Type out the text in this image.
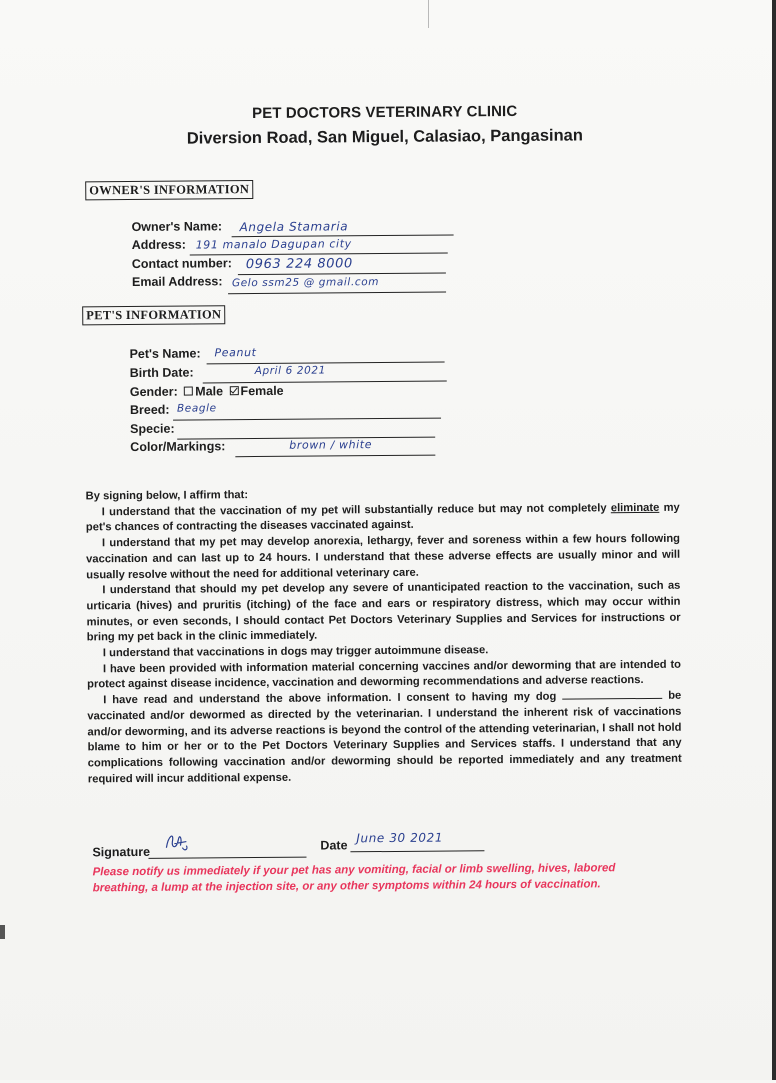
PET DOCTORS VETERINARY CLINIC
Diversion Road, San Miguel, Calasiao, Pangasinan
OWNER'S INFORMATION
Owner's Name: Angela Stamaria
Address: 191 manalo Dagupan city
Contact number: 0963 224 8000
Email Address: Gelo ssm25 @ gmail.com
PET'S INFORMATION
Pet's Name: Peanut
Birth Date:	April 6 2021
Gender: Male Female
Breed: Beagle
Specie:
Color/Markings:	brown / white

By signing below, I affirm that:

I understand that the vaccination of my pet will substantially reduce but may not completely eliminate my pet's chances of contracting the diseases vaccinated against.

I understand that my pet may develop anorexia, lethargy, fever and soreness within a few hours following vaccination and can last up to 24 hours. I understand that these adverse effects are usually minor and will usually resolve without the need for additional veterinary care.

I understand that should my pet develop any severe of unanticipated reaction to the vaccination, such as urticaria (hives) and pruritis (itching) of the face and ears or respiratory distress, which may occur within minutes, or even seconds, I should contact Pet Doctors Veterinary Supplies and Services for instructions or bring my pet back in the clinic immediately.

I understand that vaccinations in dogs may trigger autoimmune disease.

I have been provided with information material concerning vaccines and/or deworming that are intended to protect against disease incidence, vaccination and deworming recommendations and adverse reactions.

I have read and understand the above information. I consent to having my dog	be vaccinated and/or dewormed as directed by the veterinarian. I understand the inherent risk of vaccinations and/or deworming, and its adverse reactions is beyond the control of the attending veterinarian, I shall not hold blame to him or her or to the Pet Doctors Veterinary Supplies and Services staffs. I understand that any complications following vaccination and/or deworming should be reported immediately and any treatment required will incur additional expense.

Signature	Date
June 30 2021
Please notify us immediately if your pet has any vomiting, facial or limb swelling, hives, labored breathing, a lump at the injection site, or any other symptoms within 24 hours of vaccination.
